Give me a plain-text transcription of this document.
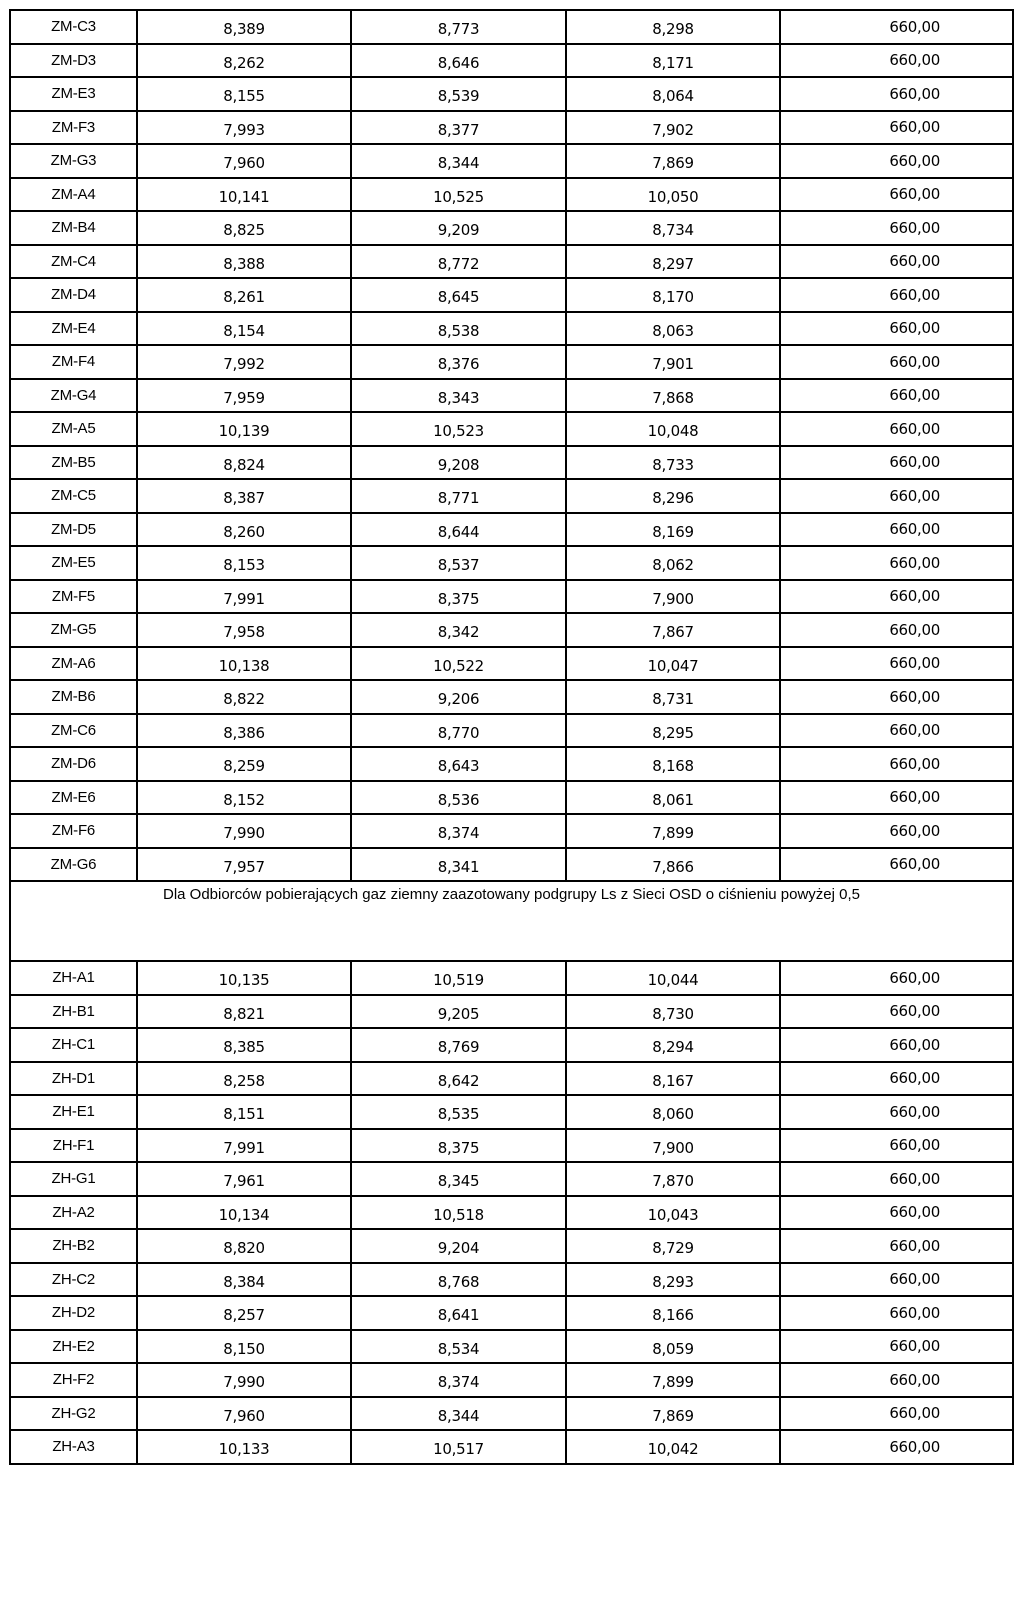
ZM-C3	8,389	8,773	8,298	660,00
ZM-D3	8,262	8,646	8,171	660,00
ZM-E3	8,155	8,539	8,064	660,00
ZM-F3	7,993	8,377	7,902	660,00
ZM-G3	7,960	8,344	7,869	660,00
ZM-A4	10,141	10,525	10,050	660,00
ZM-B4	8,825	9,209	8,734	660,00
ZM-C4	8,388	8,772	8,297	660,00
ZM-D4	8,261	8,645	8,170	660,00
ZM-E4	8,154	8,538	8,063	660,00
ZM-F4	7,992	8,376	7,901	660,00
ZM-G4	7,959	8,343	7,868	660,00
ZM-A5	10,139	10,523	10,048	660,00
ZM-B5	8,824	9,208	8,733	660,00
ZM-C5	8,387	8,771	8,296	660,00
ZM-D5	8,260	8,644	8,169	660,00
ZM-E5	8,153	8,537	8,062	660,00
ZM-F5	7,991	8,375	7,900	660,00
ZM-G5	7,958	8,342	7,867	660,00
ZM-A6	10,138	10,522	10,047	660,00
ZM-B6	8,822	9,206	8,731	660,00
ZM-C6	8,386	8,770	8,295	660,00
ZM-D6	8,259	8,643	8,168	660,00
ZM-E6	8,152	8,536	8,061	660,00
ZM-F6	7,990	8,374	7,899	660,00
ZM-G6	7,957	8,341	7,866	660,00
Dla Odbiorców pobierających gaz ziemny zaazotowany podgrupy Ls z Sieci OSD o ciśnieniu powyżej 0,5				
ZH-A1	10,135	10,519	10,044	660,00
ZH-B1	8,821	9,205	8,730	660,00
ZH-C1	8,385	8,769	8,294	660,00
ZH-D1	8,258	8,642	8,167	660,00
ZH-E1	8,151	8,535	8,060	660,00
ZH-F1	7,991	8,375	7,900	660,00
ZH-G1	7,961	8,345	7,870	660,00
ZH-A2	10,134	10,518	10,043	660,00
ZH-B2	8,820	9,204	8,729	660,00
ZH-C2	8,384	8,768	8,293	660,00
ZH-D2	8,257	8,641	8,166	660,00
ZH-E2	8,150	8,534	8,059	660,00
ZH-F2	7,990	8,374	7,899	660,00
ZH-G2	7,960	8,344	7,869	660,00
ZH-A3	10,133	10,517	10,042	660,00
